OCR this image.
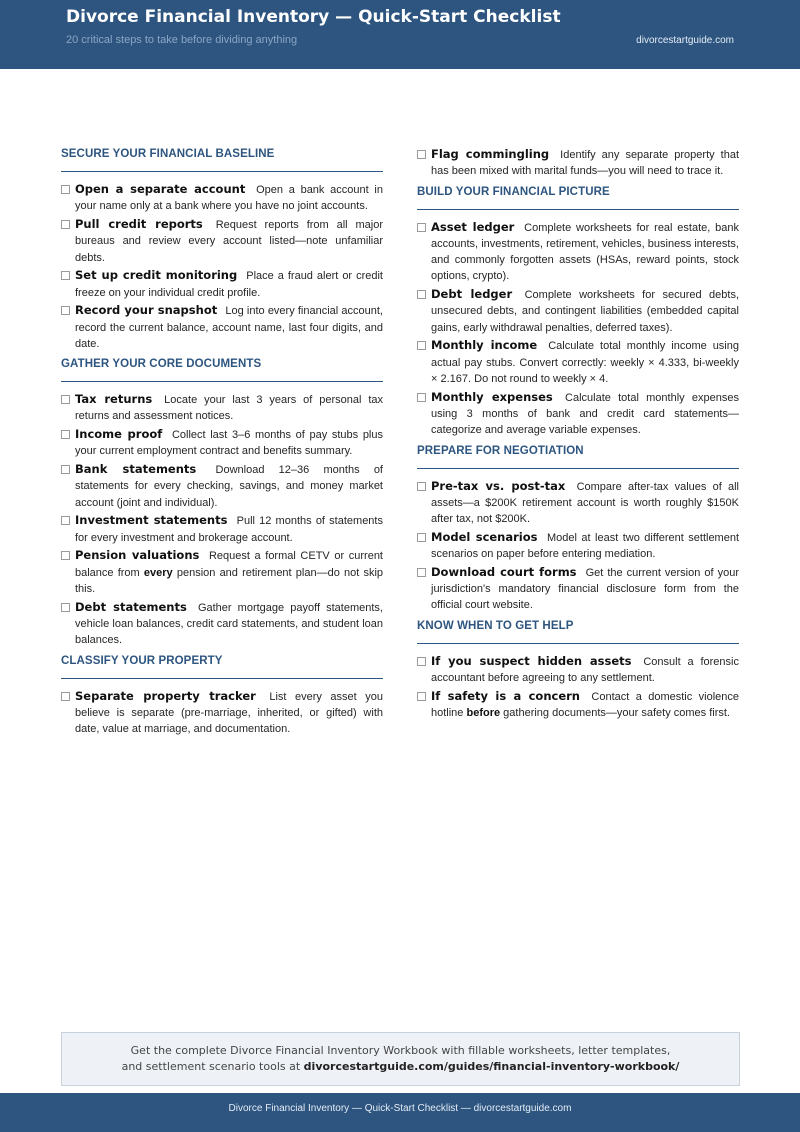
Divorce Financial Inventory — Quick-Start Checklist
20 critical steps to take before dividing anything	divorcestartguide.com
SECURE YOUR FINANCIAL BASELINE
Open a separate account Open a bank account in your name only at a bank where you have no joint accounts.
Pull credit reports Request reports from all major bureaus and review every account listed—note unfamiliar debts.
Set up credit monitoring Place a fraud alert or credit freeze on your individual credit profile.
Record your snapshot Log into every financial account, record the current balance, account name, last four digits, and date.
GATHER YOUR CORE DOCUMENTS
Tax returns Locate your last 3 years of personal tax returns and assessment notices.
Income proof Collect last 3–6 months of pay stubs plus your current employment contract and benefits summary.
Bank statements Download 12–36 months of statements for every checking, savings, and money market account (joint and individual).
Investment statements Pull 12 months of statements for every investment and brokerage account.
Pension valuations Request a formal CETV or current balance from every pension and retirement plan—do not skip this.
Debt statements Gather mortgage payoff statements, vehicle loan balances, credit card statements, and student loan balances.
CLASSIFY YOUR PROPERTY
Separate property tracker List every asset you believe is separate (pre-marriage, inherited, or gifted) with date, value at marriage, and documentation.
Flag commingling Identify any separate property that has been mixed with marital funds—you will need to trace it.
BUILD YOUR FINANCIAL PICTURE
Asset ledger Complete worksheets for real estate, bank accounts, investments, retirement, vehicles, business interests, and commonly forgotten assets (HSAs, reward points, stock options, crypto).
Debt ledger Complete worksheets for secured debts, unsecured debts, and contingent liabilities (embedded capital gains, early withdrawal penalties, deferred taxes).
Monthly income Calculate total monthly income using actual pay stubs. Convert correctly: weekly × 4.333, bi-weekly × 2.167. Do not round to weekly × 4.
Monthly expenses Calculate total monthly expenses using 3 months of bank and credit card statements—categorize and average variable expenses.
PREPARE FOR NEGOTIATION
Pre-tax vs. post-tax Compare after-tax values of all assets—a $200K retirement account is worth roughly $150K after tax, not $200K.
Model scenarios Model at least two different settlement scenarios on paper before entering mediation.
Download court forms Get the current version of your jurisdiction's mandatory financial disclosure form from the official court website.
KNOW WHEN TO GET HELP
If you suspect hidden assets Consult a forensic accountant before agreeing to any settlement.
If safety is a concern Contact a domestic violence hotline before gathering documents—your safety comes first.
Get the complete Divorce Financial Inventory Workbook with fillable worksheets, letter templates,
and settlement scenario tools at divorcestartguide.com/guides/financial-inventory-workbook/
Divorce Financial Inventory — Quick-Start Checklist — divorcestartguide.com
